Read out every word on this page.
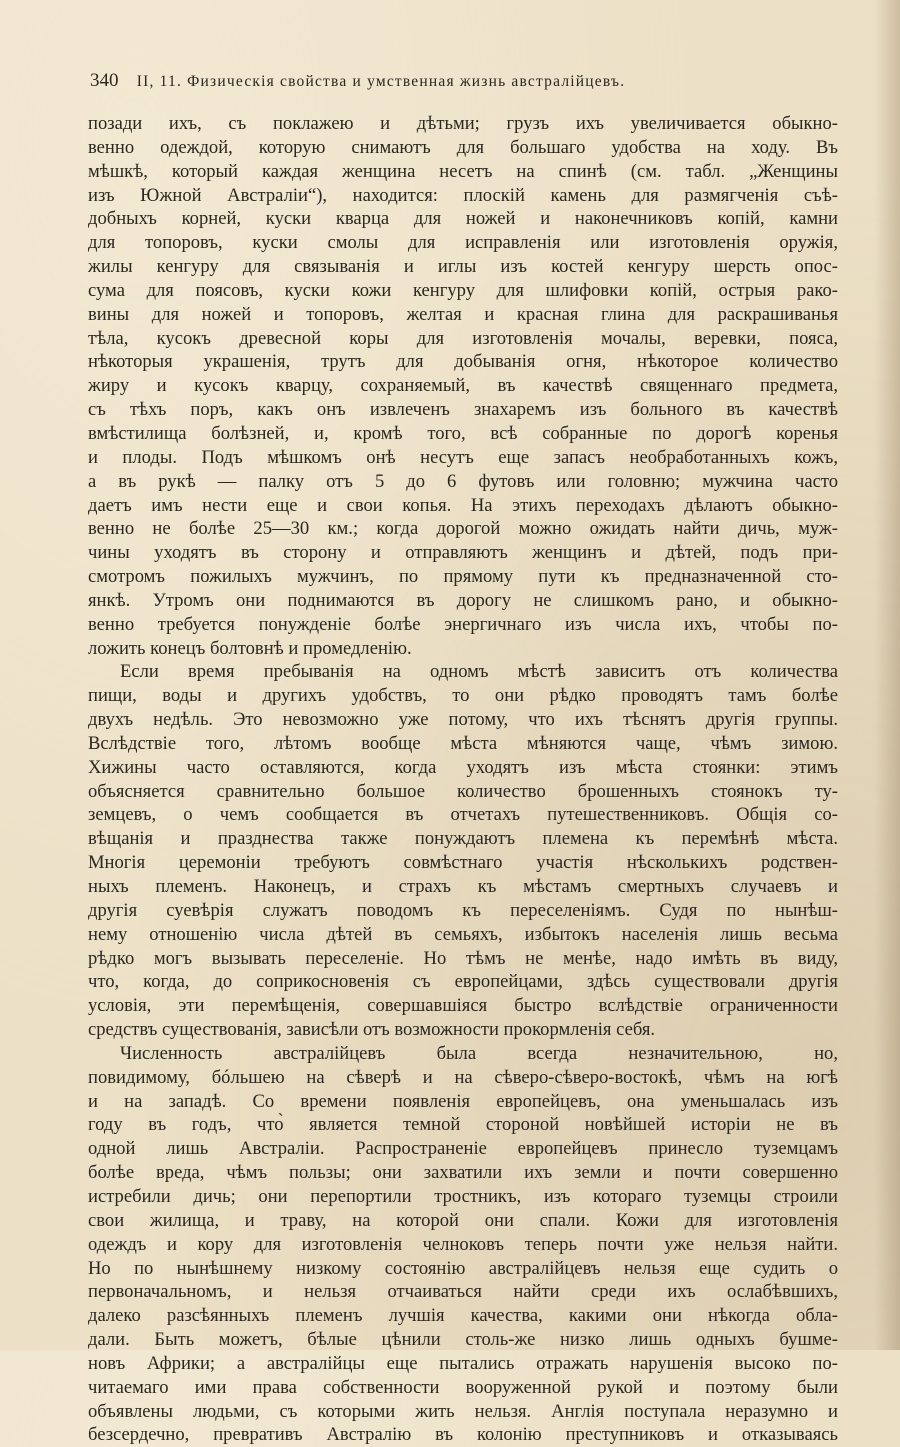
340 II, 11. Физическія свойства и умственная жизнь австралійцевъ.
позади ихъ, съ поклажею и дѣтьми; грузъ ихъ увеличивается обыкно-
венно одеждой, которую снимаютъ для большаго удобства на ходу. Въ
мѣшкѣ, который каждая женщина несетъ на спинѣ (см. табл. „Женщины
изъ Южной Австраліи“), находится: плоскій камень для размягченія съѣ-
добныхъ корней, куски кварца для ножей и наконечниковъ копій, камни
для топоровъ, куски смолы для исправленія или изготовленія оружія,
жилы кенгуру для связыванія и иглы изъ костей кенгуру шерсть опос-
сума для поясовъ, куски кожи кенгуру для шлифовки копій, острыя рако-
вины для ножей и топоровъ, желтая и красная глина для раскрашиванья
тѣла, кусокъ древесной коры для изготовленія мочалы, веревки, пояса,
нѣкоторыя украшенія, трутъ для добыванія огня, нѣкоторое количество
жиру и кусокъ кварцу, сохраняемый, въ качествѣ священнаго предмета,
съ тѣхъ поръ, какъ онъ извлеченъ знахаремъ изъ больного въ качествѣ
вмѣстилища болѣзней, и, кромѣ того, всѣ собранные по дорогѣ коренья
и плоды. Подъ мѣшкомъ онѣ несутъ еще запасъ необработанныхъ кожъ,
а въ рукѣ — палку отъ 5 до 6 футовъ или головню; мужчина часто
даетъ имъ нести еще и свои копья. На этихъ переходахъ дѣлаютъ обыкно-
венно не болѣе 25—30 км.; когда дорогой можно ожидать найти дичь, муж-
чины уходятъ въ сторону и отправляютъ женщинъ и дѣтей, подъ при-
смотромъ пожилыхъ мужчинъ, по прямому пути къ предназначенной сто-
янкѣ. Утромъ они поднимаются въ дорогу не слишкомъ рано, и обыкно-
венно требуется понужденіе болѣе энергичнаго изъ числа ихъ, чтобы по-
ложить конецъ болтовнѣ и промедленію.
Если время пребыванія на одномъ мѣстѣ зависитъ отъ количества
пищи, воды и другихъ удобствъ, то они рѣдко проводятъ тамъ болѣе
двухъ недѣль. Это невозможно уже потому, что ихъ тѣснятъ другія группы.
Вслѣдствіе того, лѣтомъ вообще мѣста мѣняются чаще, чѣмъ зимою.
Хижины часто оставляются, когда уходятъ изъ мѣста стоянки: этимъ
объясняется сравнительно большое количество брошенныхъ стоянокъ ту-
земцевъ, о чемъ сообщается въ отчетахъ путешественниковъ. Общія со-
вѣщанія и празднества также понуждаютъ племена къ перемѣнѣ мѣста.
Многія церемоніи требуютъ совмѣстнаго участія нѣсколькихъ родствен-
ныхъ племенъ. Наконецъ, и страхъ къ мѣстамъ смертныхъ случаевъ и
другія суевѣрія служатъ поводомъ къ переселеніямъ. Судя по нынѣш-
нему отношенію числа дѣтей въ семьяхъ, избытокъ населенія лишь весьма
рѣдко могъ вызывать переселеніе. Но тѣмъ не менѣе, надо имѣть въ виду,
что, когда, до соприкосновенія съ европейцами, здѣсь существовали другія
условія, эти перемѣщенія, совершавшіяся быстро вслѣдствіе ограниченности
средствъ существованія, зависѣли отъ возможности прокормленія себя.
Численность австралійцевъ была всегда незначительною, но,
повидимому, бóльшею на сѣверѣ и на сѣверо-сѣверо-востокѣ, чѣмъ на югѣ
и на западѣ. Со времени появленія европейцевъ, она уменьшалась изъ
году въ годъ, что̀ является темной стороной новѣйшей исторіи не въ
одной лишь Австраліи. Распространеніе европейцевъ принесло туземцамъ
болѣе вреда, чѣмъ пользы; они захватили ихъ земли и почти совершенно
истребили дичь; они перепортили тростникъ, изъ котораго туземцы строили
свои жилища, и траву, на которой они спали. Кожи для изготовленія
одеждъ и кору для изготовленія челноковъ теперь почти уже нельзя найти.
Но по нынѣшнему низкому состоянію австралійцевъ нельзя еще судить о
первоначальномъ, и нельзя отчаиваться найти среди ихъ ослабѣвшихъ,
далеко разсѣянныхъ племенъ лучшія качества, какими они нѣкогда обла-
дали. Быть можетъ, бѣлые цѣнили столь-же низко лишь одныхъ бушме-
новъ Африки; а австралійцы еще пытались отражать нарушенія высоко по-
читаемаго ими права собственности вооруженной рукой и поэтому были
объявлены людьми, съ которыми жить нельзя. Англія поступала неразумно и
безсердечно, превративъ Австралію въ колонію преступниковъ и отказываясь
